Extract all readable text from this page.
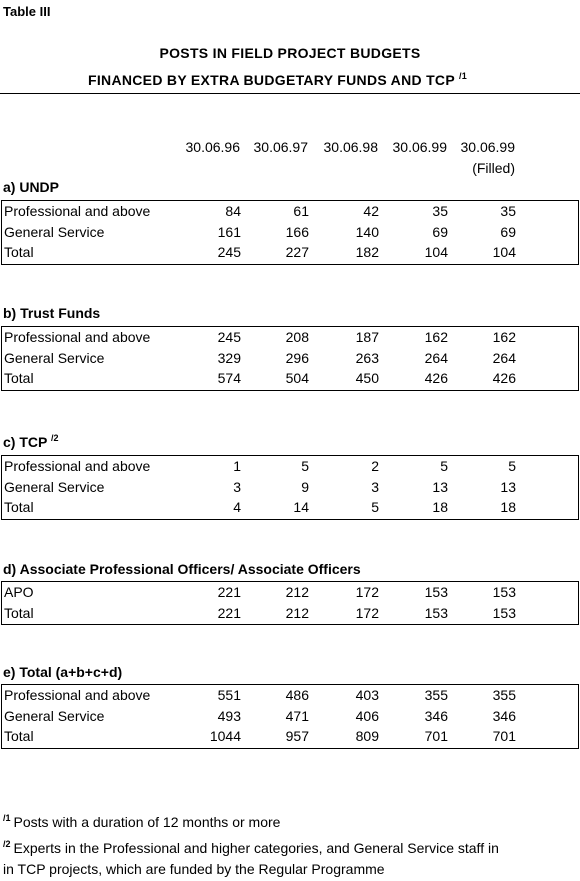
Table III
POSTS IN FIELD PROJECT BUDGETS
FINANCED BY EXTRA BUDGETARY FUNDS AND TCP $^{/1}$
30.06.96 30.06.97	30.06.98	30.06.99 30.06.99
(Filled)
a) UNDP
Professional and above	84	61	42	35	35
General Service	161	166	140	69	69
Total	245	227	182	104	104
b) Trust Funds
Professional and above	245	208	187	162	162
General Service	329	296	263	264	264
Total	574	504	450	426	426
c) TCP $^{/2}$
Professional and above	1	5	2	5	5
General Service	3	9	3	13	13
Total	4	14	5	18	18
d) Associate Professional Officers/ Associate Officers
APO	221	212	172	153	153
Total	221	212	172	153	153
e) Total (a+b+c+d)
Professional and above	551	486	403	355	355
General Service	493	471	406	346	346
Total	1044	957	809	701	701
$^{/1}$ Posts with a duration of 12 months or more
$^{/2}$ Experts in the Professional and higher categories, and General Service staff in
in TCP projects, which are funded by the Regular Programme
